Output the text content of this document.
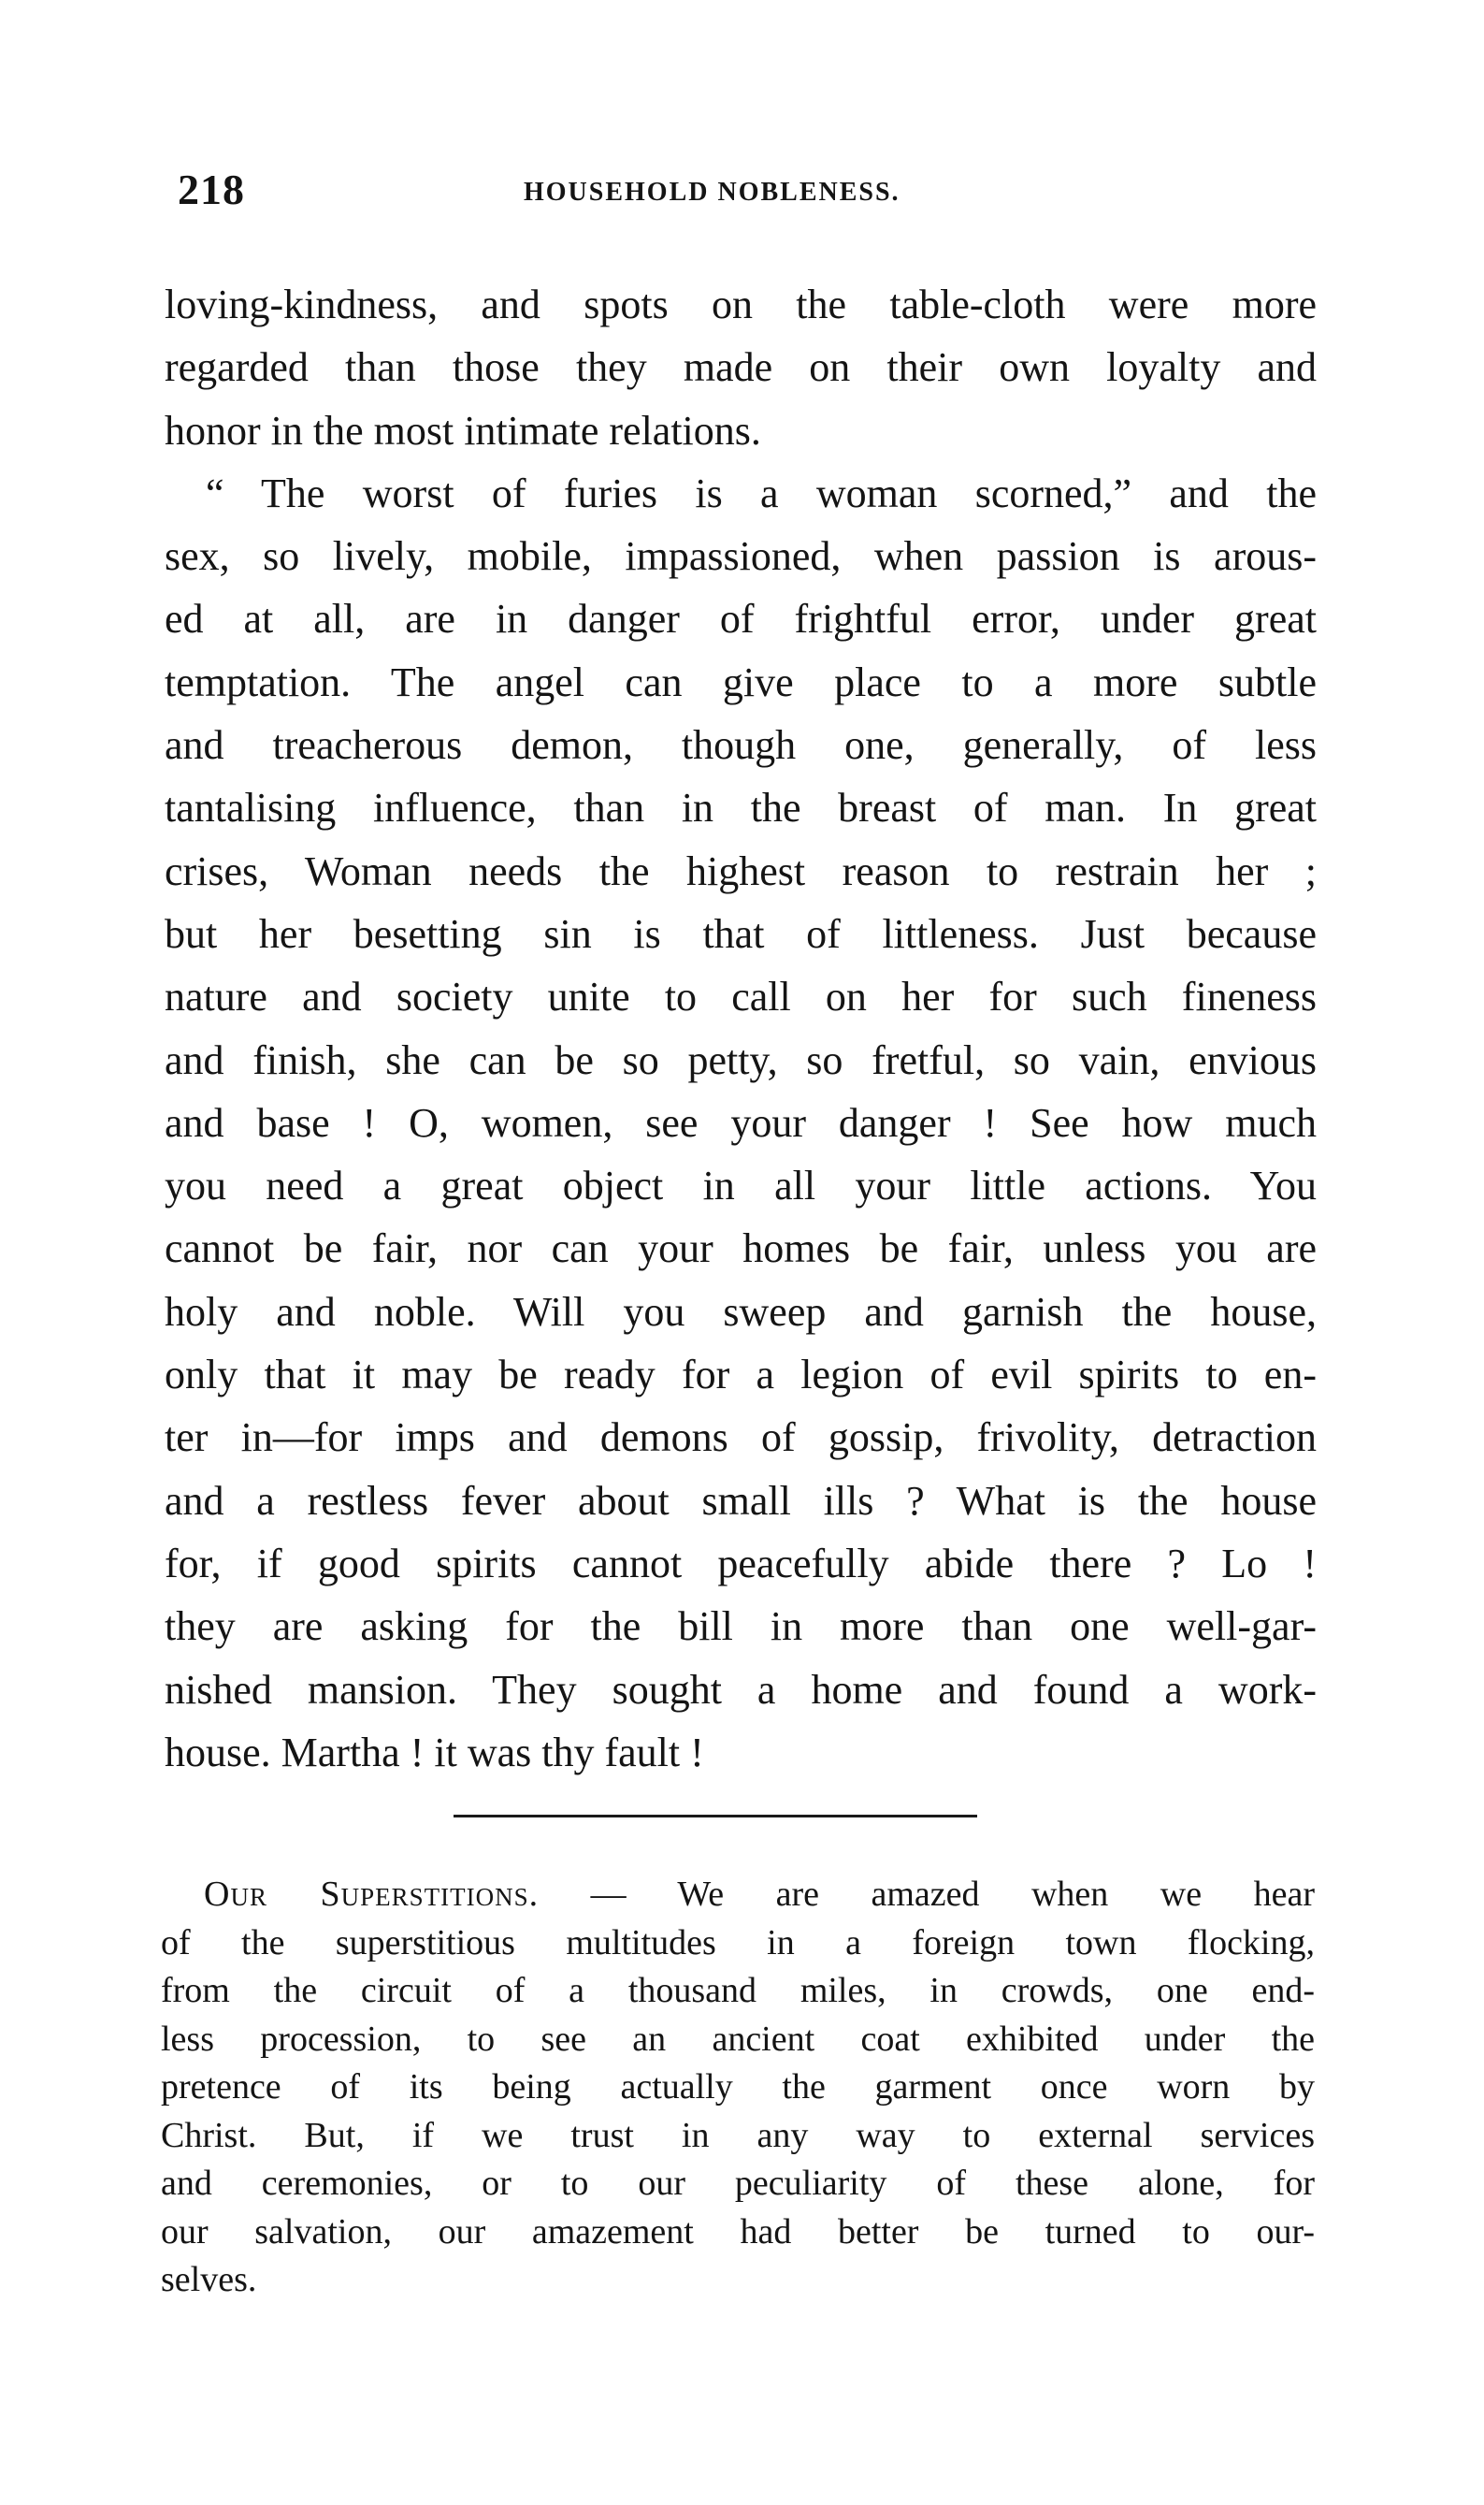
218	HOUSEHOLD NOBLENESS.
loving-kindness, and spots on the table-cloth were more
regarded than those they made on their own loyalty and
honor in the most intimate relations.
“ The worst of furies is a woman scorned,” and the
sex, so lively, mobile, impassioned, when passion is arous-
ed at all, are in danger of frightful error, under great
temptation. The angel can give place to a more subtle
and treacherous demon, though one, generally, of less
tantalising influence, than in the breast of man. In great
crises, Woman needs the highest reason to restrain her ;
but her besetting sin is that of littleness. Just because
nature and society unite to call on her for such fineness
and finish, she can be so petty, so fretful, so vain, envious
and base ! O, women, see your danger ! See how much
you need a great object in all your little actions. You
cannot be fair, nor can your homes be fair, unless you are
holy and noble. Will you sweep and garnish the house,
only that it may be ready for a legion of evil spirits to en-
ter in—for imps and demons of gossip, frivolity, detraction
and a restless fever about small ills ? What is the house
for, if good spirits cannot peacefully abide there ? Lo !
they are asking for the bill in more than one well-gar-
nished mansion. They sought a home and found a work-
house. Martha ! it was thy fault !
Our Superstitions. — We are amazed when we hear
of the superstitious multitudes in a foreign town flocking,
from the circuit of a thousand miles, in crowds, one end-
less procession, to see an ancient coat exhibited under the
pretence of its being actually the garment once worn by
Christ. But, if we trust in any way to external services
and ceremonies, or to our peculiarity of these alone, for
our salvation, our amazement had better be turned to our-
selves.
